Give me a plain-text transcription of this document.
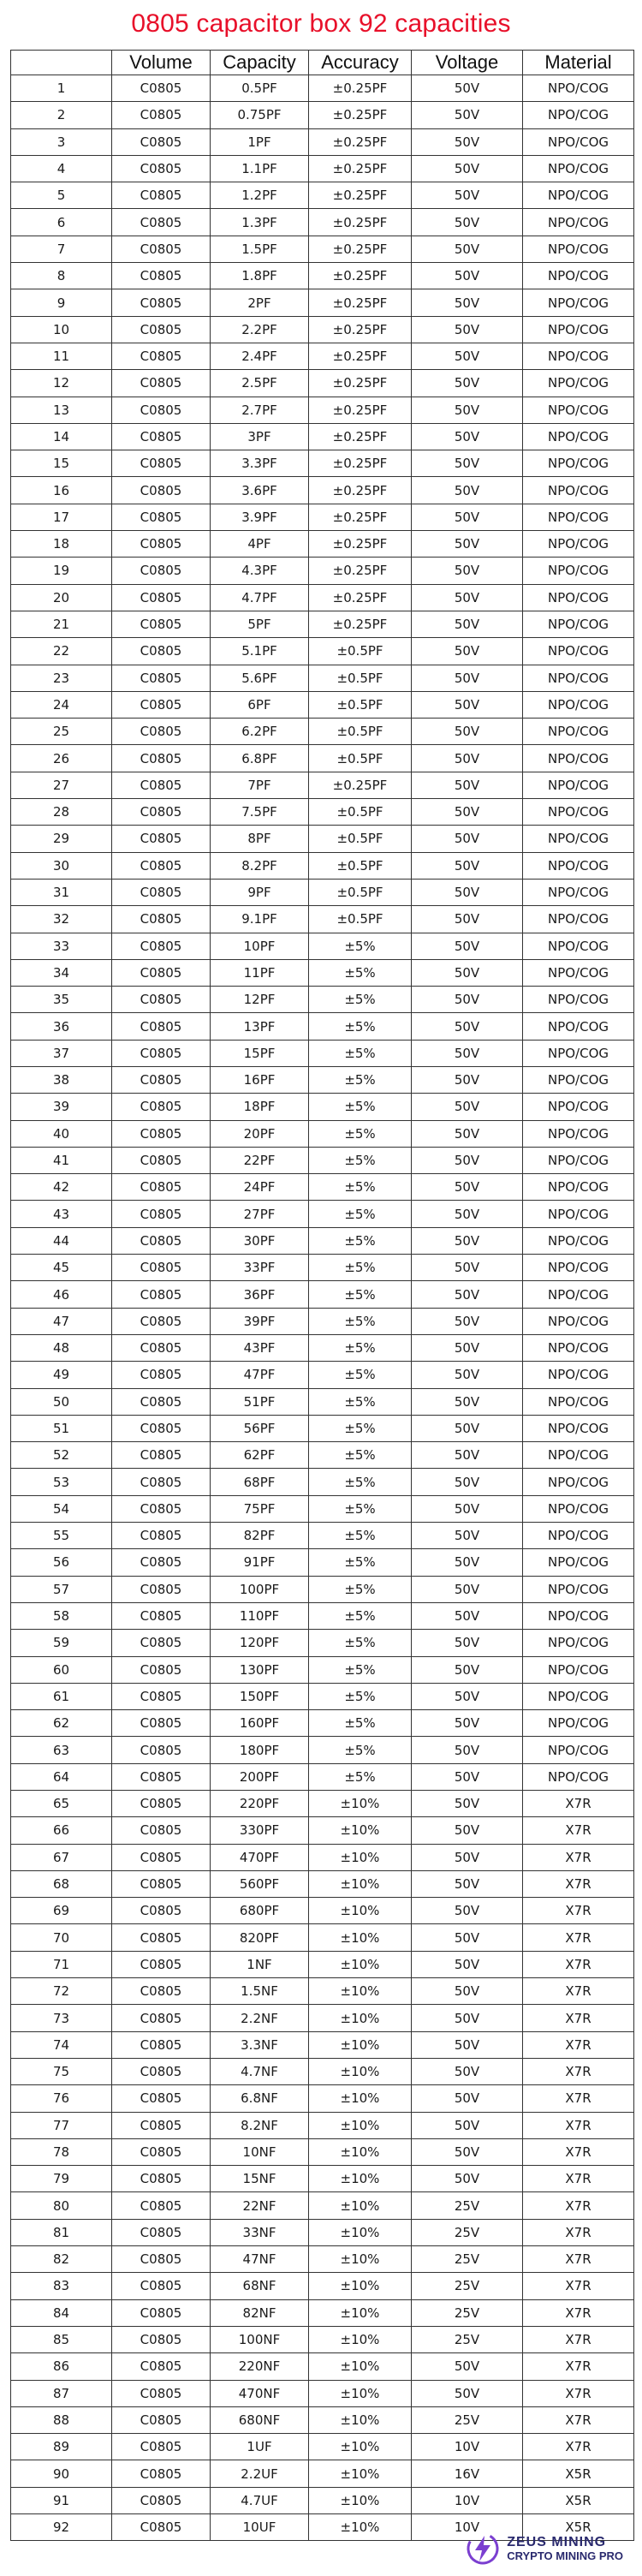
0805 capacitor box 92 capacities
	Volume	Capacity	Accuracy	Voltage	Material
1	C0805	0.5PF	±0.25PF	50V	NPO/COG
2	C0805	0.75PF	±0.25PF	50V	NPO/COG
3	C0805	1PF	±0.25PF	50V	NPO/COG
4	C0805	1.1PF	±0.25PF	50V	NPO/COG
5	C0805	1.2PF	±0.25PF	50V	NPO/COG
6	C0805	1.3PF	±0.25PF	50V	NPO/COG
7	C0805	1.5PF	±0.25PF	50V	NPO/COG
8	C0805	1.8PF	±0.25PF	50V	NPO/COG
9	C0805	2PF	±0.25PF	50V	NPO/COG
10	C0805	2.2PF	±0.25PF	50V	NPO/COG
11	C0805	2.4PF	±0.25PF	50V	NPO/COG
12	C0805	2.5PF	±0.25PF	50V	NPO/COG
13	C0805	2.7PF	±0.25PF	50V	NPO/COG
14	C0805	3PF	±0.25PF	50V	NPO/COG
15	C0805	3.3PF	±0.25PF	50V	NPO/COG
16	C0805	3.6PF	±0.25PF	50V	NPO/COG
17	C0805	3.9PF	±0.25PF	50V	NPO/COG
18	C0805	4PF	±0.25PF	50V	NPO/COG
19	C0805	4.3PF	±0.25PF	50V	NPO/COG
20	C0805	4.7PF	±0.25PF	50V	NPO/COG
21	C0805	5PF	±0.25PF	50V	NPO/COG
22	C0805	5.1PF	±0.5PF	50V	NPO/COG
23	C0805	5.6PF	±0.5PF	50V	NPO/COG
24	C0805	6PF	±0.5PF	50V	NPO/COG
25	C0805	6.2PF	±0.5PF	50V	NPO/COG
26	C0805	6.8PF	±0.5PF	50V	NPO/COG
27	C0805	7PF	±0.25PF	50V	NPO/COG
28	C0805	7.5PF	±0.5PF	50V	NPO/COG
29	C0805	8PF	±0.5PF	50V	NPO/COG
30	C0805	8.2PF	±0.5PF	50V	NPO/COG
31	C0805	9PF	±0.5PF	50V	NPO/COG
32	C0805	9.1PF	±0.5PF	50V	NPO/COG
33	C0805	10PF	±5%	50V	NPO/COG
34	C0805	11PF	±5%	50V	NPO/COG
35	C0805	12PF	±5%	50V	NPO/COG
36	C0805	13PF	±5%	50V	NPO/COG
37	C0805	15PF	±5%	50V	NPO/COG
38	C0805	16PF	±5%	50V	NPO/COG
39	C0805	18PF	±5%	50V	NPO/COG
40	C0805	20PF	±5%	50V	NPO/COG
41	C0805	22PF	±5%	50V	NPO/COG
42	C0805	24PF	±5%	50V	NPO/COG
43	C0805	27PF	±5%	50V	NPO/COG
44	C0805	30PF	±5%	50V	NPO/COG
45	C0805	33PF	±5%	50V	NPO/COG
46	C0805	36PF	±5%	50V	NPO/COG
47	C0805	39PF	±5%	50V	NPO/COG
48	C0805	43PF	±5%	50V	NPO/COG
49	C0805	47PF	±5%	50V	NPO/COG
50	C0805	51PF	±5%	50V	NPO/COG
51	C0805	56PF	±5%	50V	NPO/COG
52	C0805	62PF	±5%	50V	NPO/COG
53	C0805	68PF	±5%	50V	NPO/COG
54	C0805	75PF	±5%	50V	NPO/COG
55	C0805	82PF	±5%	50V	NPO/COG
56	C0805	91PF	±5%	50V	NPO/COG
57	C0805	100PF	±5%	50V	NPO/COG
58	C0805	110PF	±5%	50V	NPO/COG
59	C0805	120PF	±5%	50V	NPO/COG
60	C0805	130PF	±5%	50V	NPO/COG
61	C0805	150PF	±5%	50V	NPO/COG
62	C0805	160PF	±5%	50V	NPO/COG
63	C0805	180PF	±5%	50V	NPO/COG
64	C0805	200PF	±5%	50V	NPO/COG
65	C0805	220PF	±10%	50V	X7R
66	C0805	330PF	±10%	50V	X7R
67	C0805	470PF	±10%	50V	X7R
68	C0805	560PF	±10%	50V	X7R
69	C0805	680PF	±10%	50V	X7R
70	C0805	820PF	±10%	50V	X7R
71	C0805	1NF	±10%	50V	X7R
72	C0805	1.5NF	±10%	50V	X7R
73	C0805	2.2NF	±10%	50V	X7R
74	C0805	3.3NF	±10%	50V	X7R
75	C0805	4.7NF	±10%	50V	X7R
76	C0805	6.8NF	±10%	50V	X7R
77	C0805	8.2NF	±10%	50V	X7R
78	C0805	10NF	±10%	50V	X7R
79	C0805	15NF	±10%	50V	X7R
80	C0805	22NF	±10%	25V	X7R
81	C0805	33NF	±10%	25V	X7R
82	C0805	47NF	±10%	25V	X7R
83	C0805	68NF	±10%	25V	X7R
84	C0805	82NF	±10%	25V	X7R
85	C0805	100NF	±10%	25V	X7R
86	C0805	220NF	±10%	50V	X7R
87	C0805	470NF	±10%	50V	X7R
88	C0805	680NF	±10%	25V	X7R
89	C0805	1UF	±10%	10V	X7R
90	C0805	2.2UF	±10%	16V	X5R
91	C0805	4.7UF	±10%	10V	X5R
92	C0805	10UF	±10%	10V	X5R
ZEUS MINING
CRYPTO MINING PRO
